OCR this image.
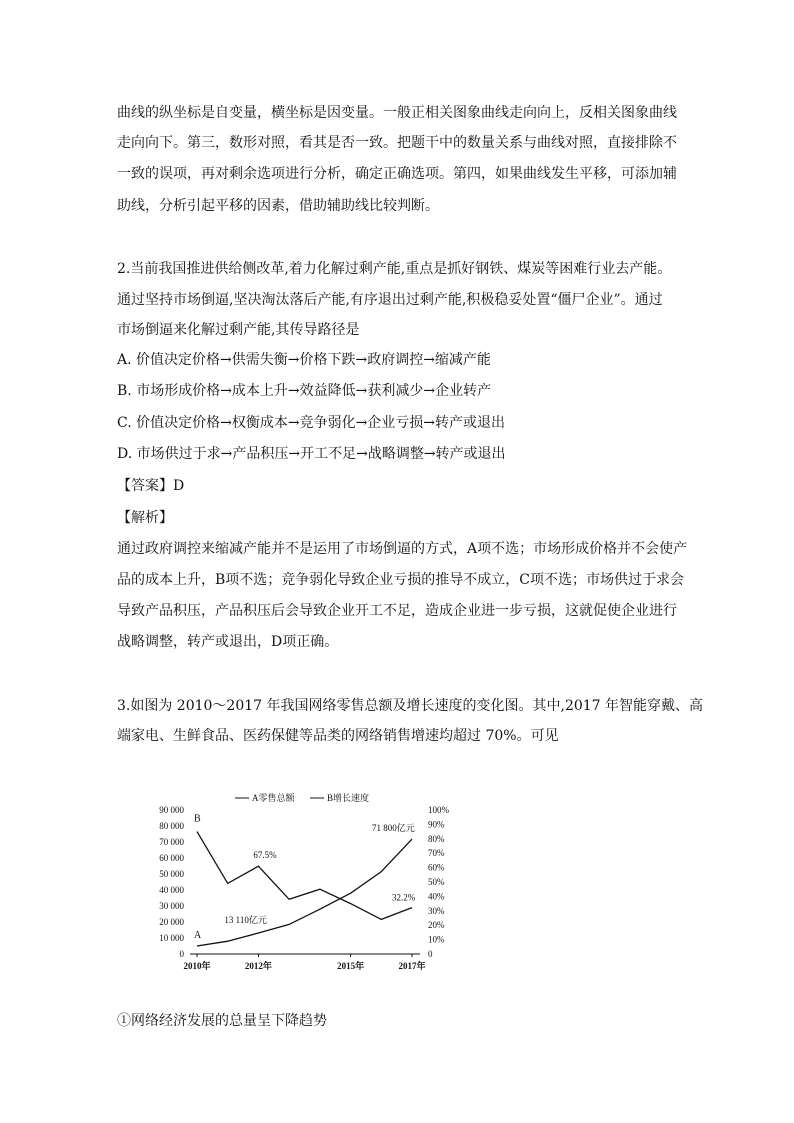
曲线的纵坐标是自变量，横坐标是因变量。一般正相关图象曲线走向向上，反相关图象曲线
走向向下。第三，数形对照，看其是否一致。把题干中的数量关系与曲线对照，直接排除不
一致的误项，再对剩余选项进行分析，确定正确选项。第四，如果曲线发生平移，可添加辅
助线，分析引起平移的因素，借助辅助线比较判断。
2.当前我国推进供给侧改革,着力化解过剩产能,重点是抓好钢铁、煤炭等困难行业去产能。
通过坚持市场倒逼,坚决淘汰落后产能,有序退出过剩产能,积极稳妥处置“僵尸企业”。通过
市场倒逼来化解过剩产能,其传导路径是
A. 价值决定价格→供需失衡→价格下跌→政府调控→缩减产能
B. 市场形成价格→成本上升→效益降低→获利减少→企业转产
C. 价值决定价格→权衡成本→竞争弱化→企业亏损→转产或退出
D. 市场供过于求→产品积压→开工不足→战略调整→转产或退出
【答案】D
【解析】
通过政府调控来缩减产能并不是运用了市场倒逼的方式，A项不选；市场形成价格并不会使产
品的成本上升，B项不选；竞争弱化导致企业亏损的推导不成立，C项不选；市场供过于求会
导致产品积压，产品积压后会导致企业开工不足，造成企业进一步亏损，这就促使企业进行
战略调整，转产或退出，D项正确。
3.如图为 2010～2017 年我国网络零售总额及增长速度的变化图。其中,2017 年智能穿戴、高
端家电、生鲜食品、医药保健等品类的网络销售增速均超过 70%。可见
A零售总额	B增长速度
0
10 000
20 000
30 000
40 000
50 000
60 000
70 000
80 000
90 000
0
10%
20%
30%
40%
50%
60%
70%
80%
90%
100%
2010年	2012年	2015年	2017年
B
A
67.5%
13 110亿元
71 800亿元
32.2%
①网络经济发展的总量呈下降趋势
